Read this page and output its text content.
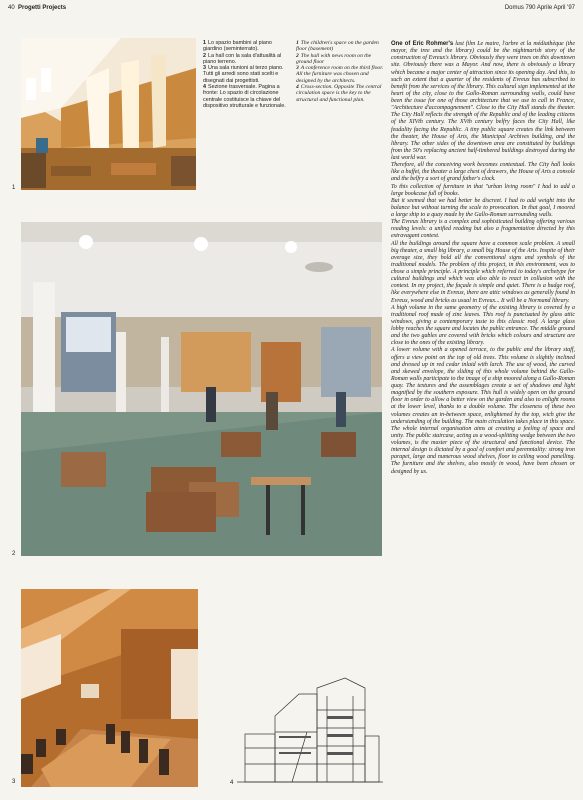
40 Progetti Projects	Domus 790 Aprile April '97
1
1 Lo spazio bambini al piano giardino (seminterrato).
2 La hall con la sala d'attualità al piano terreno.
3 Una sala riunioni al terzo piano. Tutti gli arredi sono stati scelti e disegnati dai progettisti.
4 Sezione trasversale. Pagina a fronte: Lo spazio di circolazione centrale costituisce la chiave del dispositivo strutturale e funzionale.
1 The children's space on the garden floor (basement)
2 The hall with news room on the ground floor
3 A conference room on the third floor. All the furniture was chosen and designed by the architects.
4 Cross-section. Opposite The central circulation space is the key to the structural and functional plan.
2
3	4

One of Eric Rohmer's last film Le maire, l'arbre et la médiathèque (the mayor, the tree and the library) could be the nightmarish story of the construction of Evreux's library. Obviously they were trees on this downtown site. Obviously there was a Mayor. And now, there is obviously a library which became a major center of attraction since its opening day. And this, to such an extent that a quarter of the residents of Evreux has subscribed to benefit from the services of the library. This cultural sign implemented at the heart of the city, close to the Gallo-Roman surrounding walls, could have been the issue for one of those architecture that we use to call in France, "Architecture d'accompagnement". Close to the City Hall stands the theater. The City Hall reflects the strength of the Republic and of the leading citizens of the XIVth century. The XVth century belfry faces the City Hall, like feudality facing the Republic. A tiny public square creates the link between the theater, the House of Arts, the Municipal Archives building, and the library. The other sides of the downtown area are constituted by buildings from the 50's replacing ancient half-timbered buildings destroyed during the last world war.

Therefore, all the conceiving work becomes contextual. The City hall looks like a buffet, the theater a large chest of drawers, the House of Arts a console and the belfry a sort of grand father's clock.

To this collection of furniture in that "urban living room" I had to add a large bookcase full of books.

But it seemed that we had better be discreet. I had to add weight into the balance but without turning the scale to provocation. In that goal, I moored a large ship to a quay made by the Gallo-Roman surrounding walls.

The Evreux library is a complex and sophisticated building offering various reading levels: a unified reading but also a fragmentation directed by this extravagant context.

All the buildings around the square have a common scale problem. A small big theater, a small big library, a small big House of the Arts. Inspite of their average size, they hold all the conventional signs and symbols of the traditional models. The problem of this project, in this environment, was to chose a simple principle. A principle which referred to today's archetype for cultural buildings and which was also able to react in collusion with the context. In my project, the façade is simple and quiet. There is a hudge roof, like everywhere else in Evreux, there are attic windows as generally found in Evreux, wood and bricks as usual in Evreux... It will be a Normand library.

A high volume in the same geometry of the existing library is covered by a traditional roof made of zinc leaves. This roof is punctuated by glass attic windows, giving a contemporary taste to this classic roof. A large glass lobby reaches the square and locates the public entrance. The middle ground and the two gables are covered with bricks which colours and structure are close to the ones of the existing library.

A lower volume with a opened terrace, to the public and the library staff, offers a view point on the top of old trees. This volume is slightly inclined and dressed up in red cedar inlaid with larch. The use of wood, the curved and skewed envelope, the sliding of this whole volume behind the Gallo-Roman walls participate to the image of a ship moored along a Gallo-Roman quay. The textures and the assemblages create a set of shadows and light magnified by the southern exposure. This hull is widely open on the ground floor in order to allow a better view on the garden and also to enlight rooms at the lower level, thanks to a double volume. The closeness of these two volumes creates an in-between space, enlightened by the top, wich give the understanding of the building. The main circulation takes place in this space. The whole internal organisation aims at creating a feeling of space and unity. The public staircase, acting as a wood-splitting wedge between the two volumes, is the master piece of the structural and functional device. The internal design is dictated by a goal of comfort and perenniality: strong iron parapet, large and numerous wood shelves, floor to ceiling wood panelling. The furniture and the shelves, also mostly in wood, have been chosen or designed by us.
